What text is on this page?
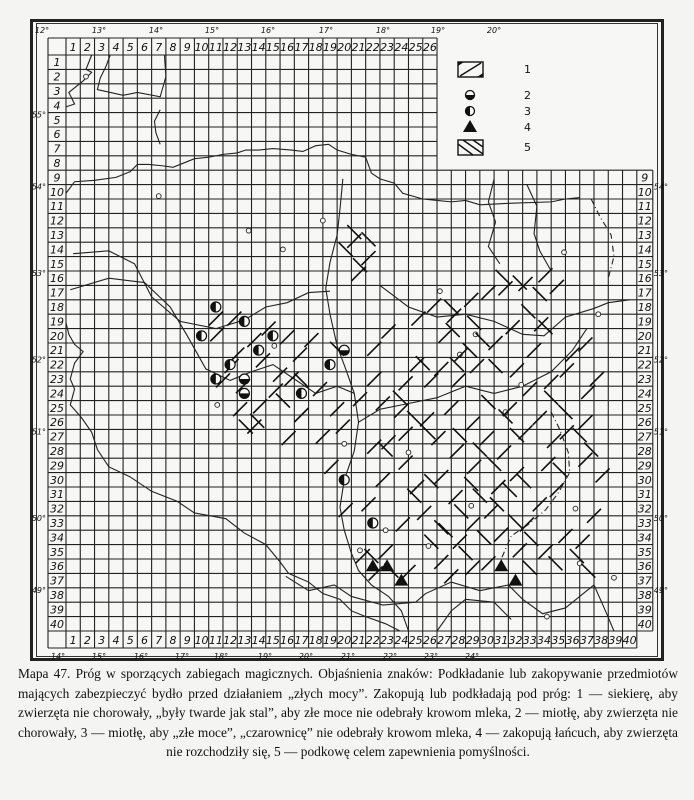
1 2 3 4 5 6 7 8 9 10 11 12 13 14 15 16 17 18 19 20 21 22 23 24 25 26
1 2 3 4 5 6 7 8 9 10 11 12 13 14 15 16 17 18 19 20 21 22 23 24 25 26 27 28 29 30 31 32 33 34 35 36 37 38 39 40
1
2
3
4
5
6
7
8
9
10
11
12
13
14
15
16
17
18
19
20
21
22
23
24
25
26
27
28
29
30
31
32
33
34
35
36
37
38
39
40
9
10
11
12
13
14
15
16
17
18
19
20
21
22
23
24
25
26
27
28
29
30
31
32
33
34
35
36
37
38
39
40
12°	13°	14°	15°	16°	17°	18°	19°	20°
14°	15°	16°	17°	18°	19°	20°	21°	22°	23°	24°
55°
54°
53°
52°
51°
50°
49°
54°
53°
52°
51°
50°
49°
1
2
3
4
5
Mapa 47. Próg w sporzących zabiegach magicznych. Objaśnienia znaków: Podkładanie lub zakopywanie przedmiotów mających zabezpieczyć bydło przed działaniem „złych mocy”. Zakopują lub podkładają pod próg: 1 — siekierę, aby zwierzęta nie chorowały, „były twarde jak stal”, aby złe moce nie odebrały krowom mleka, 2 — miotłę, aby zwierzęta nie chorowały, 3 — miotłę, aby „złe moce”, „czarownicę” nie odebrały krowom mleka, 4 — zakopują łańcuch, aby zwierzęta nie rozchodziły się, 5 — podkowę celem zapewnienia pomyślności.
